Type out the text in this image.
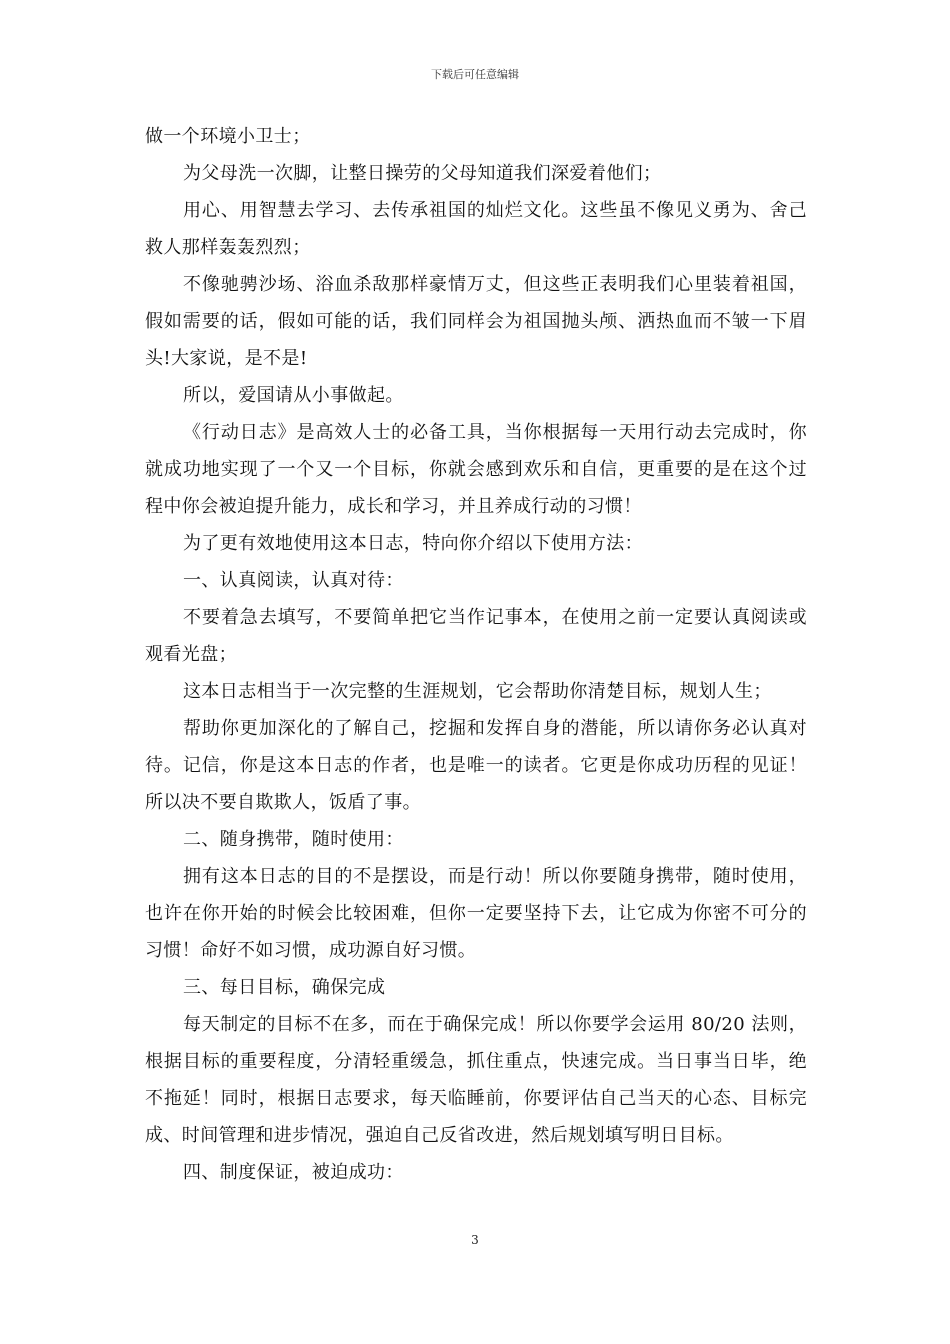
下载后可任意编辑

做一个环境小卫士；

为父母洗一次脚，让整日操劳的父母知道我们深爱着他们；

用心、用智慧去学习、去传承祖国的灿烂文化。这些虽不像见义勇为、舍己救人那样轰轰烈烈；

不像驰骋沙场、浴血杀敌那样豪情万丈，但这些正表明我们心里装着祖国，假如需要的话，假如可能的话，我们同样会为祖国抛头颅、洒热血而不皱一下眉头!大家说，是不是!

所以，爱国请从小事做起。

《行动日志》是高效人士的必备工具，当你根据每一天用行动去完成时，你就成功地实现了一个又一个目标，你就会感到欢乐和自信，更重要的是在这个过程中你会被迫提升能力，成长和学习，并且养成行动的习惯！

为了更有效地使用这本日志，特向你介绍以下使用方法：

一、认真阅读，认真对待：

不要着急去填写，不要简单把它当作记事本，在使用之前一定要认真阅读或观看光盘；

这本日志相当于一次完整的生涯规划，它会帮助你清楚目标，规划人生；

帮助你更加深化的了解自己，挖掘和发挥自身的潜能，所以请你务必认真对待。记信，你是这本日志的作者，也是唯一的读者。它更是你成功历程的见证！所以决不要自欺欺人，饭盾了事。

二、随身携带，随时使用：

拥有这本日志的目的不是摆设，而是行动！所以你要随身携带，随时使用，也许在你开始的时候会比较困难，但你一定要坚持下去，让它成为你密不可分的习惯！命好不如习惯，成功源自好习惯。

三、每日目标，确保完成

每天制定的目标不在多，而在于确保完成！所以你要学会运用 80/20 法则，根据目标的重要程度，分清轻重缓急，抓住重点，快速完成。当日事当日毕，绝不拖延！同时，根据日志要求，每天临睡前，你要评估自己当天的心态、目标完成、时间管理和进步情况，强迫自己反省改进，然后规划填写明日目标。

四、制度保证，被迫成功：

3
